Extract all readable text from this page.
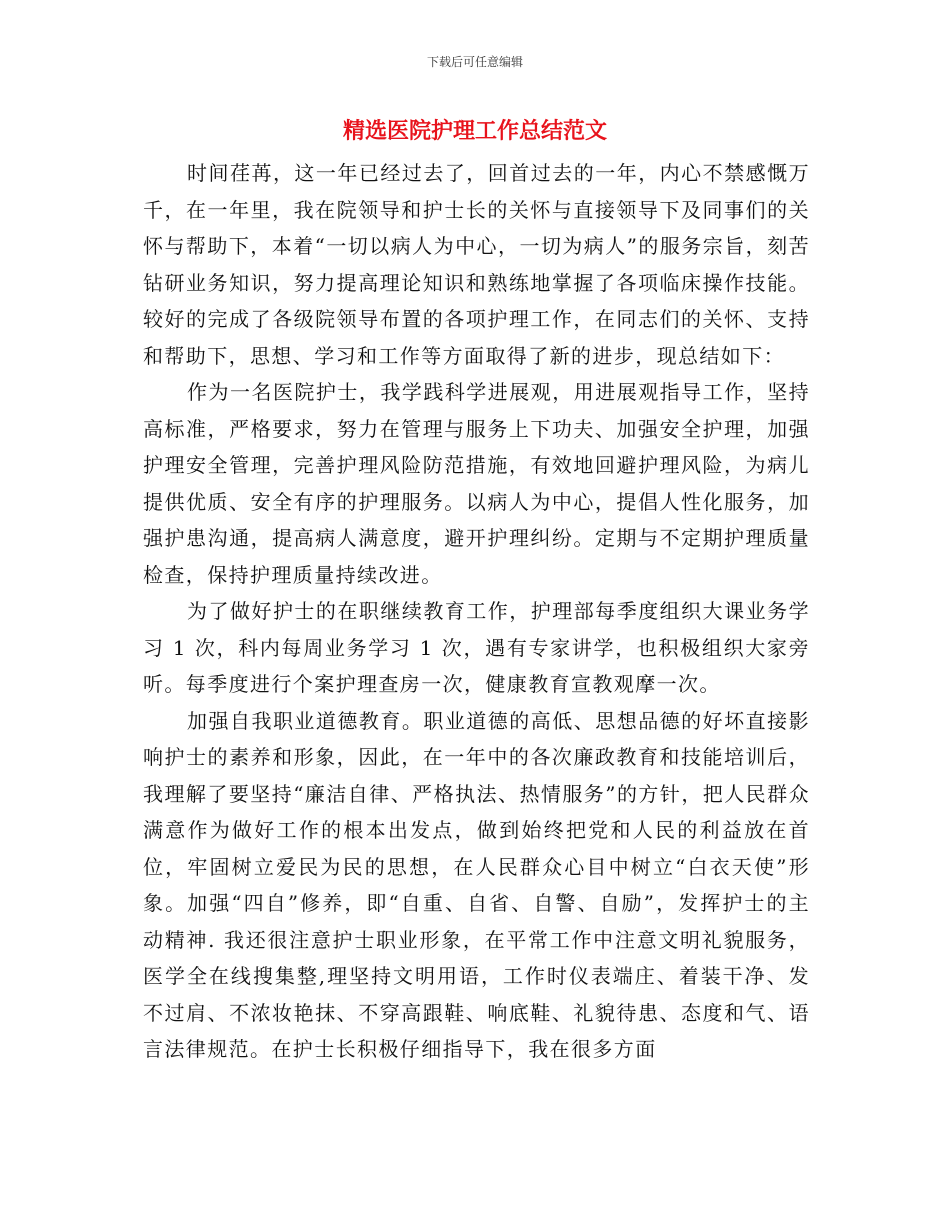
下载后可任意编辑
精选医院护理工作总结范文

时间荏苒，这一年已经过去了，回首过去的一年，内心不禁感慨万千，在一年里，我在院领导和护士长的关怀与直接领导下及同事们的关怀与帮助下，本着“一切以病人为中心，一切为病人”的服务宗旨，刻苦钻研业务知识，努力提高理论知识和熟练地掌握了各项临床操作技能。较好的完成了各级院领导布置的各项护理工作，在同志们的关怀、支持和帮助下，思想、学习和工作等方面取得了新的进步，现总结如下：

作为一名医院护士，我学践科学进展观，用进展观指导工作，坚持高标准，严格要求，努力在管理与服务上下功夫、加强安全护理，加强护理安全管理，完善护理风险防范措施，有效地回避护理风险，为病儿提供优质、安全有序的护理服务。以病人为中心，提倡人性化服务，加强护患沟通，提高病人满意度，避开护理纠纷。定期与不定期护理质量检查，保持护理质量持续改进。

为了做好护士的在职继续教育工作，护理部每季度组织大课业务学习 1 次，科内每周业务学习 1 次，遇有专家讲学，也积极组织大家旁听。每季度进行个案护理查房一次，健康教育宣教观摩一次。

加强自我职业道德教育。职业道德的高低、思想品德的好坏直接影响护士的素养和形象，因此，在一年中的各次廉政教育和技能培训后，我理解了要坚持“廉洁自律、严格执法、热情服务”的方针，把人民群众满意作为做好工作的根本出发点，做到始终把党和人民的利益放在首位，牢固树立爱民为民的思想，在人民群众心目中树立“白衣天使”形象。加强“四自”修养，即“自重、自省、自警、自励”，发挥护士的主动精神. 我还很注意护士职业形象，在平常工作中注意文明礼貌服务，医学全在线搜集整,理坚持文明用语，工作时仪表端庄、着装干净、发不过肩、不浓妆艳抹、不穿高跟鞋、响底鞋、礼貌待患、态度和气、语言法律规范。在护士长积极仔细指导下，我在很多方面
